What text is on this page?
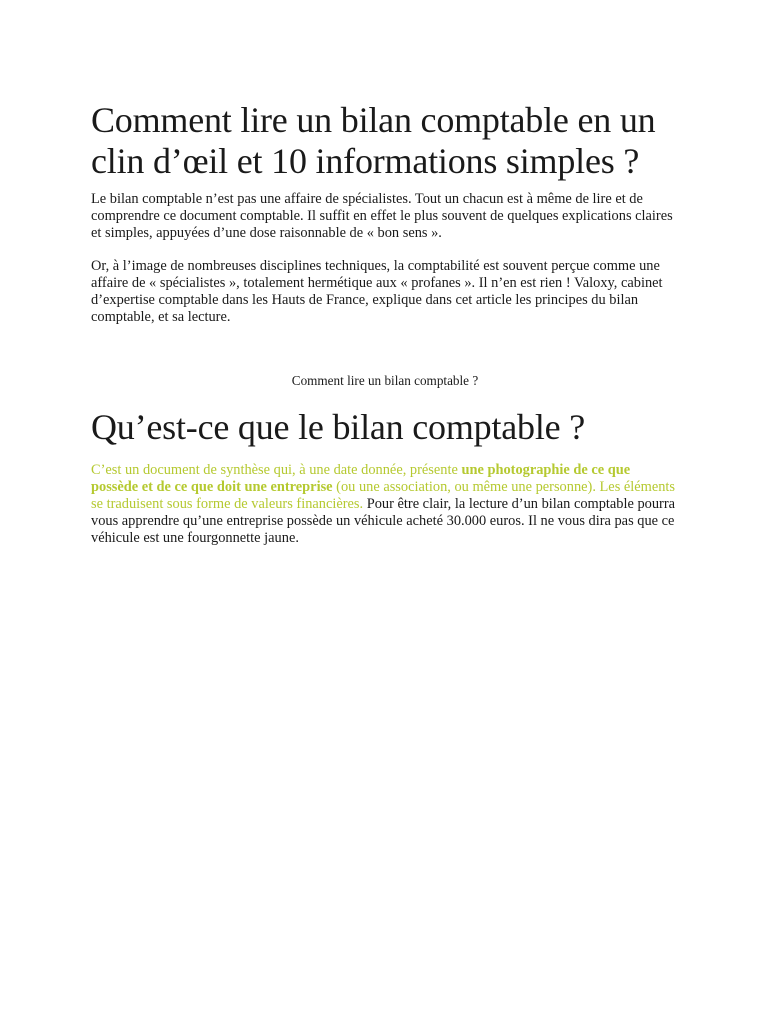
Comment lire un bilan comptable en un clin d’œil et 10 informations simples ?

Le bilan comptable n’est pas une affaire de spécialistes. Tout un chacun est à même de lire et de comprendre ce document comptable. Il suffit en effet le plus souvent de quelques explications claires et simples, appuyées d’une dose raisonnable de « bon sens ».

Or, à l’image de nombreuses disciplines techniques, la comptabilité est souvent perçue comme une affaire de « spécialistes », totalement hermétique aux « profanes ». Il n’en est rien ! Valoxy, cabinet d’expertise comptable dans les Hauts de France, explique dans cet article les principes du bilan comptable, et sa lecture.

Comment lire un bilan comptable ?

Qu’est-ce que le bilan comptable ?

C’est un document de synthèse qui, à une date donnée, présente une photographie de ce que possède et de ce que doit une entreprise (ou une association, ou même une personne). Les éléments se traduisent sous forme de valeurs financières. Pour être clair, la lecture d’un bilan comptable pourra vous apprendre qu’une entreprise possède un véhicule acheté 30.000 euros. Il ne vous dira pas que ce véhicule est une fourgonnette jaune.
